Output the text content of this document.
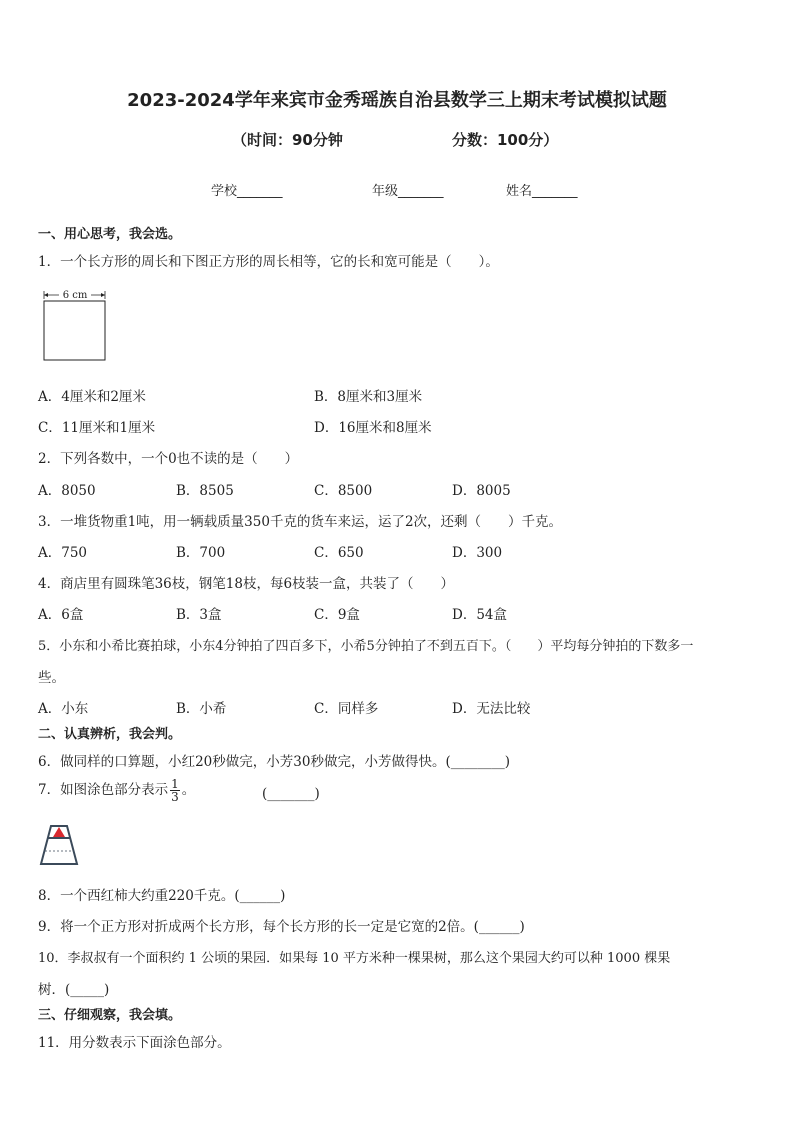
2023-2024学年来宾市金秀瑶族自治县数学三上期末考试模拟试题
（时间：90分钟	分数：100分）
学校_______	年级_______	姓名_______
一、用心思考，我会选。
1．一个长方形的周长和下图正方形的周长相等，它的长和宽可能是（　　）。
6 cm
A．4厘米和2厘米	B．8厘米和3厘米
C．11厘米和1厘米	D．16厘米和8厘米
2．下列各数中，一个0也不读的是（　　）
A．8050	B．8505	C．8500	D．8005
3．一堆货物重1吨，用一辆载质量350千克的货车来运，运了2次，还剩（　　）千克。
A．750	B．700	C．650	D．300
4．商店里有圆珠笔36枝，钢笔18枝，每6枝装一盒，共装了（　　）
A．6盒	B．3盒	C．9盒	D．54盒
5．小东和小希比赛拍球，小东4分钟拍了四百多下，小希5分钟拍了不到五百下。（　　）平均每分钟拍的下数多一
些。
A．小东	B．小希	C．同样多	D．无法比较
二、认真辨析，我会判。
6．做同样的口算题，小红20秒做完，小芳30秒做完，小芳做得快。(________)
7．如图涂色部分表示 $\frac{1}{3}$ 。	(_______)
8．一个西红柿大约重220千克。(______)
9．将一个正方形对折成两个长方形，每个长方形的长一定是它宽的2倍。(______)
10．李叔叔有一个面积约 1 公顷的果园．如果每 10 平方米种一棵果树，那么这个果园大约可以种 1000 棵果
树．(_____)
三、仔细观察，我会填。
11．用分数表示下面涂色部分。
